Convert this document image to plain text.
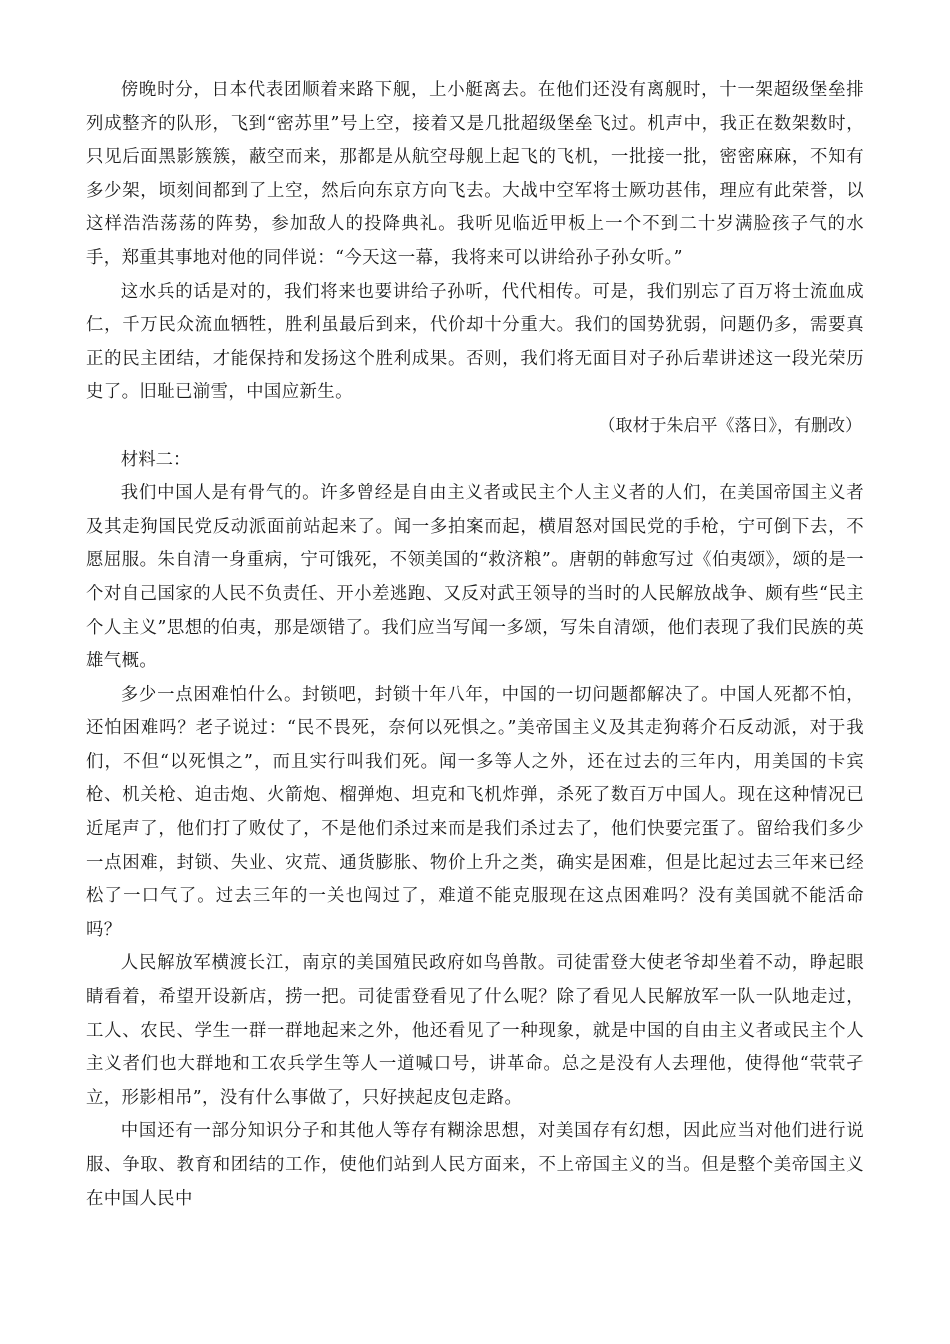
傍晚时分，日本代表团顺着来路下舰，上小艇离去。在他们还没有离舰时，十一架超级堡垒排列成整齐的队形，飞到“密苏里”号上空，接着又是几批超级堡垒飞过。机声中，我正在数架数时，只见后面黑影簇簇，蔽空而来，那都是从航空母舰上起飞的飞机，一批接一批，密密麻麻，不知有多少架，顷刻间都到了上空，然后向东京方向飞去。大战中空军将士厥功甚伟，理应有此荣誉，以这样浩浩荡荡的阵势，参加敌人的投降典礼。我听见临近甲板上一个不到二十岁满脸孩子气的水手，郑重其事地对他的同伴说：“今天这一幕，我将来可以讲给孙子孙女听。”

这水兵的话是对的，我们将来也要讲给子孙听，代代相传。可是，我们别忘了百万将士流血成仁，千万民众流血牺牲，胜利虽最后到来，代价却十分重大。我们的国势犹弱，问题仍多，需要真正的民主团结，才能保持和发扬这个胜利成果。否则，我们将无面目对子孙后辈讲述这一段光荣历史了。旧耻已湔雪，中国应新生。

（取材于朱启平《落日》，有删改）

材料二：

我们中国人是有骨气的。许多曾经是自由主义者或民主个人主义者的人们，在美国帝国主义者及其走狗国民党反动派面前站起来了。闻一多拍案而起，横眉怒对国民党的手枪，宁可倒下去，不愿屈服。朱自清一身重病，宁可饿死，不领美国的“救济粮”。唐朝的韩愈写过《伯夷颂》，颂的是一个对自己国家的人民不负责任、开小差逃跑、又反对武王领导的当时的人民解放战争、颇有些“民主个人主义”思想的伯夷，那是颂错了。我们应当写闻一多颂，写朱自清颂，他们表现了我们民族的英雄气概。

多少一点困难怕什么。封锁吧，封锁十年八年，中国的一切问题都解决了。中国人死都不怕，还怕困难吗？老子说过：“民不畏死，奈何以死惧之。”美帝国主义及其走狗蒋介石反动派，对于我们，不但“以死惧之”，而且实行叫我们死。闻一多等人之外，还在过去的三年内，用美国的卡宾枪、机关枪、迫击炮、火箭炮、榴弹炮、坦克和飞机炸弹，杀死了数百万中国人。现在这种情况已近尾声了，他们打了败仗了，不是他们杀过来而是我们杀过去了，他们快要完蛋了。留给我们多少一点困难，封锁、失业、灾荒、通货膨胀、物价上升之类，确实是困难，但是比起过去三年来已经松了一口气了。过去三年的一关也闯过了，难道不能克服现在这点困难吗？没有美国就不能活命吗？

人民解放军横渡长江，南京的美国殖民政府如鸟兽散。司徒雷登大使老爷却坐着不动，睁起眼睛看着，希望开设新店，捞一把。司徒雷登看见了什么呢？除了看见人民解放军一队一队地走过，工人、农民、学生一群一群地起来之外，他还看见了一种现象，就是中国的自由主义者或民主个人主义者们也大群地和工农兵学生等人一道喊口号，讲革命。总之是没有人去理他，使得他“茕茕孑立，形影相吊”，没有什么事做了，只好挟起皮包走路。

中国还有一部分知识分子和其他人等存有糊涂思想，对美国存有幻想，因此应当对他们进行说服、争取、教育和团结的工作，使他们站到人民方面来，不上帝国主义的当。但是整个美帝国主义在中国人民中
